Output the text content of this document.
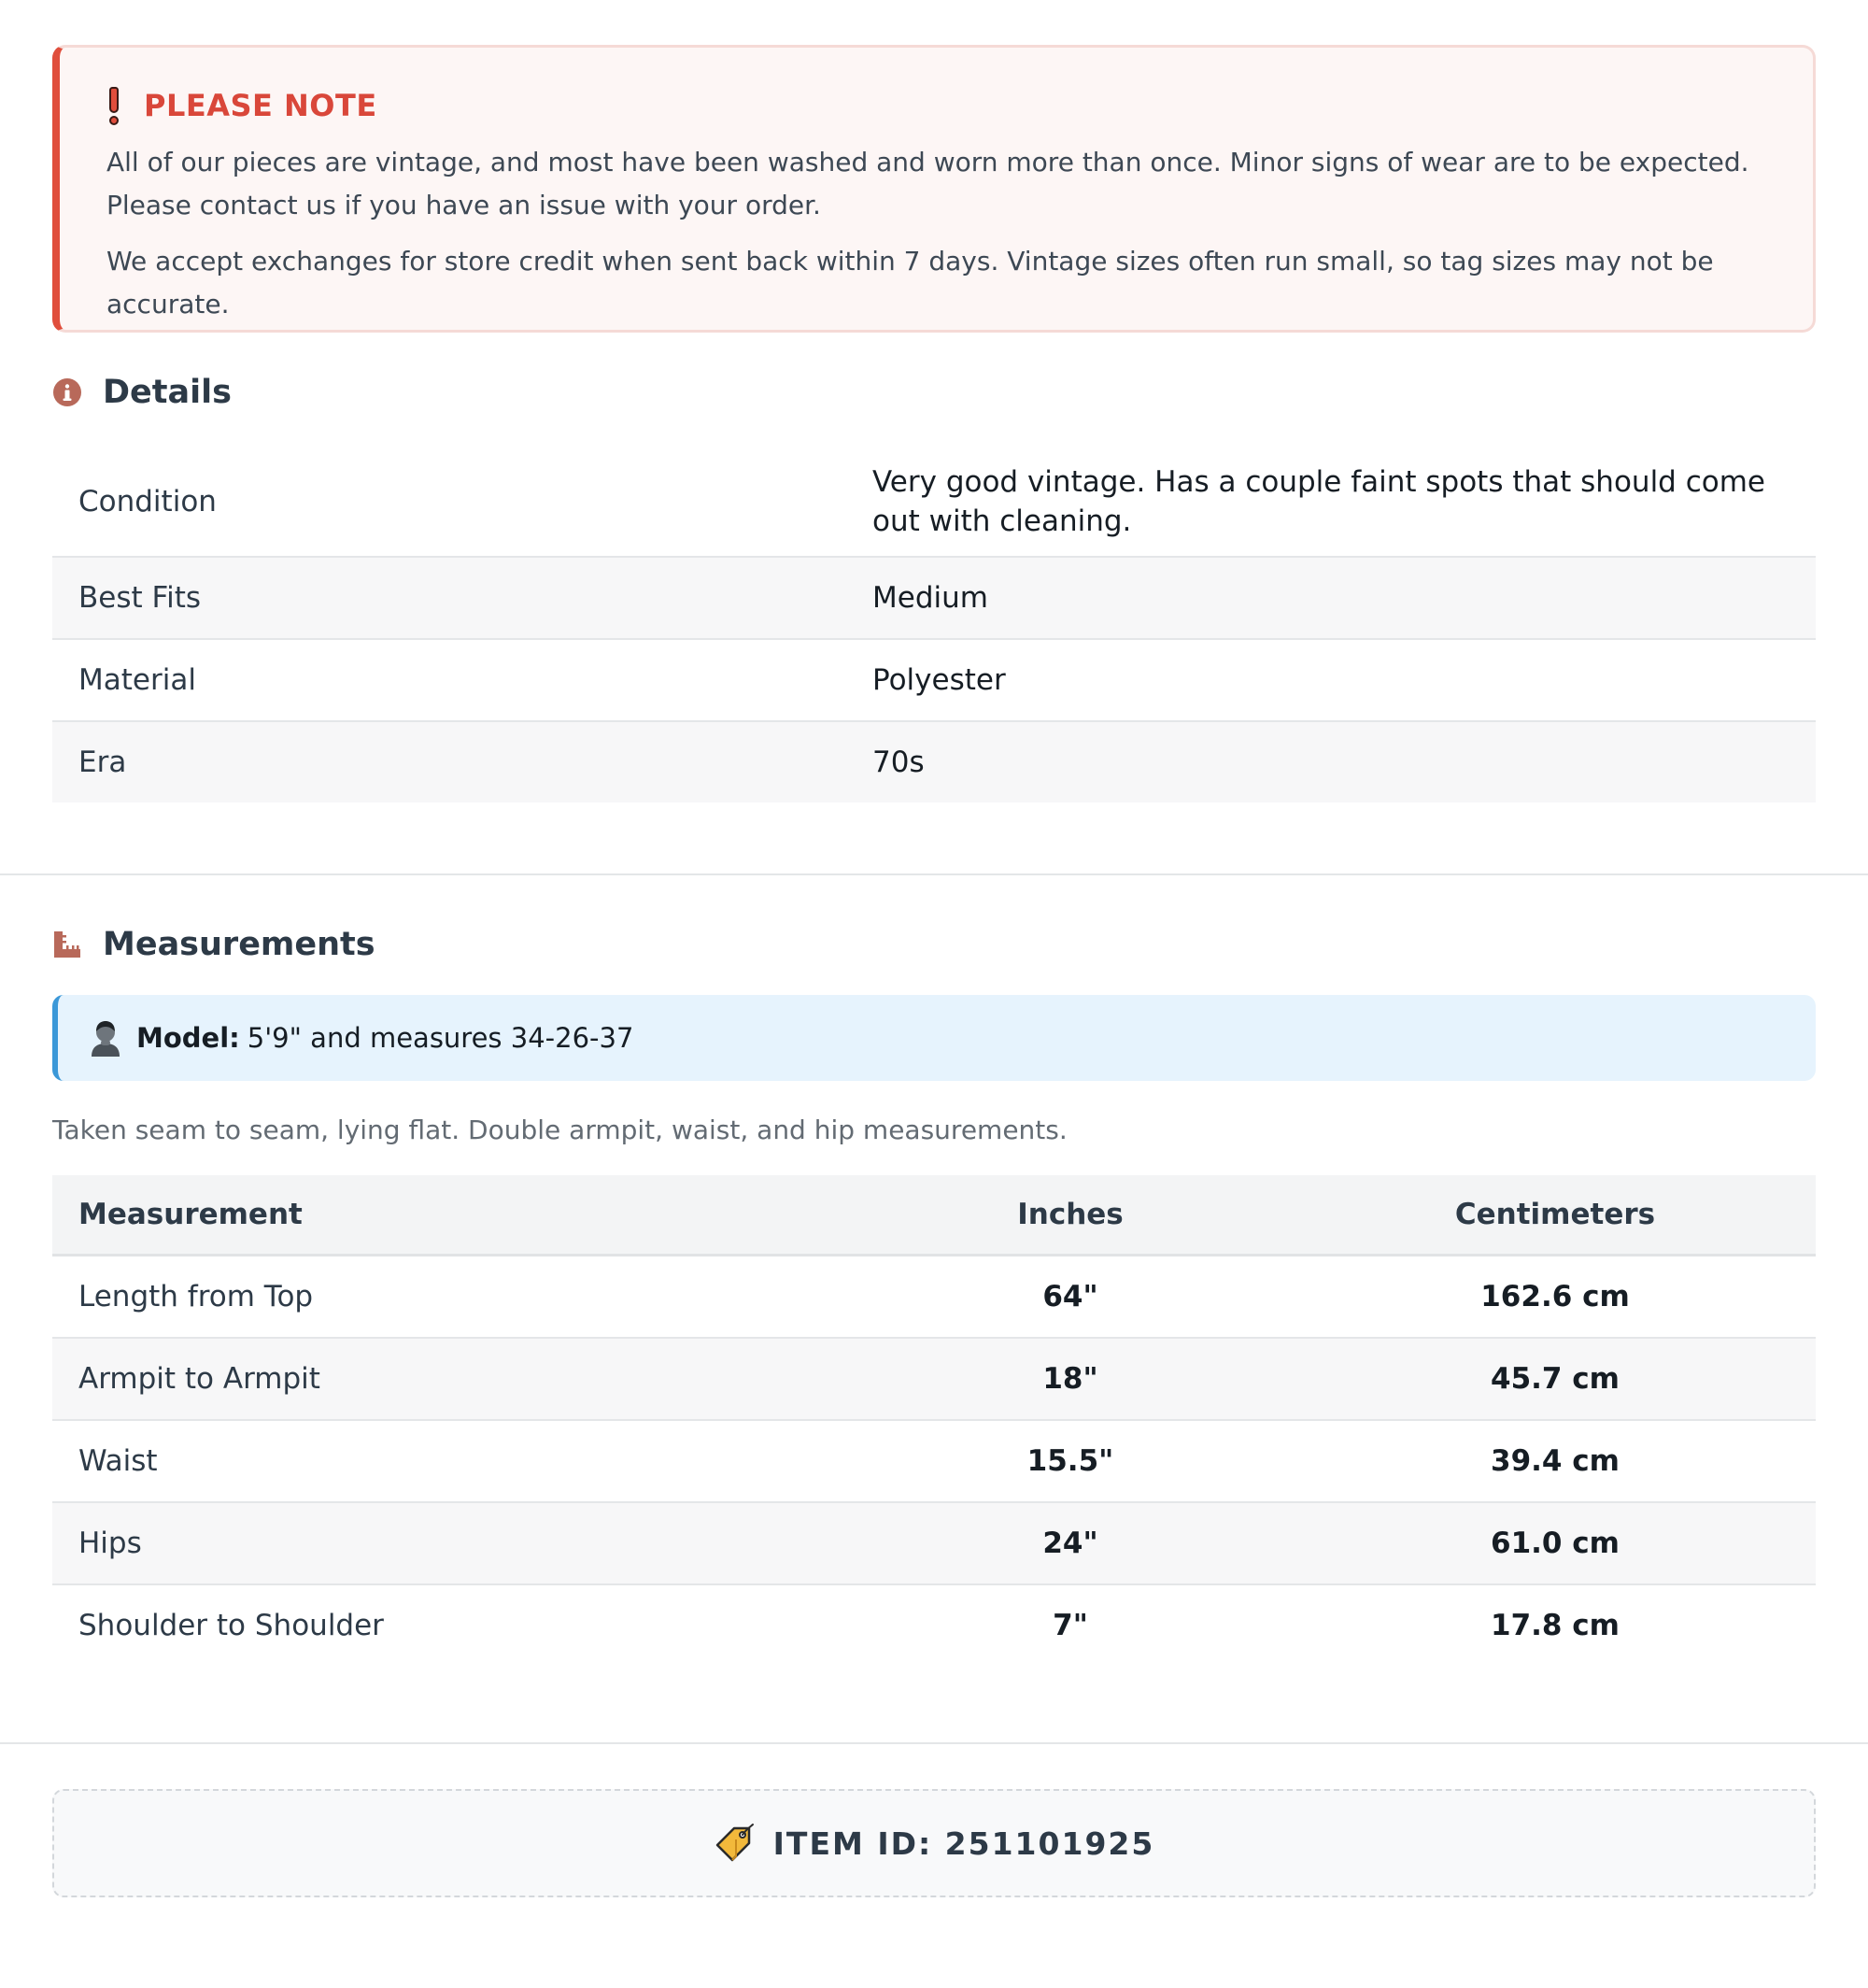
PLEASE NOTE

All of our pieces are vintage, and most have been washed and worn more than once. Minor signs of wear are to be expected. Please contact us if you have an issue with your order.

We accept exchanges for store credit when sent back within 7 days. Vintage sizes often run small, so tag sizes may not be accurate.

Details
Condition	Very good vintage. Has a couple faint spots that should come out with cleaning.
Best Fits	Medium
Material	Polyester
Era	70s
Measurements
Model: 5'9" and measures 34-26-37
Taken seam to seam, lying flat. Double armpit, waist, and hip measurements.
Measurement	Inches	Centimeters
Length from Top	64"	162.6 cm
Armpit to Armpit	18"	45.7 cm
Waist	15.5"	39.4 cm
Hips	24"	61.0 cm
Shoulder to Shoulder	7"	17.8 cm
ITEM ID: 251101925
